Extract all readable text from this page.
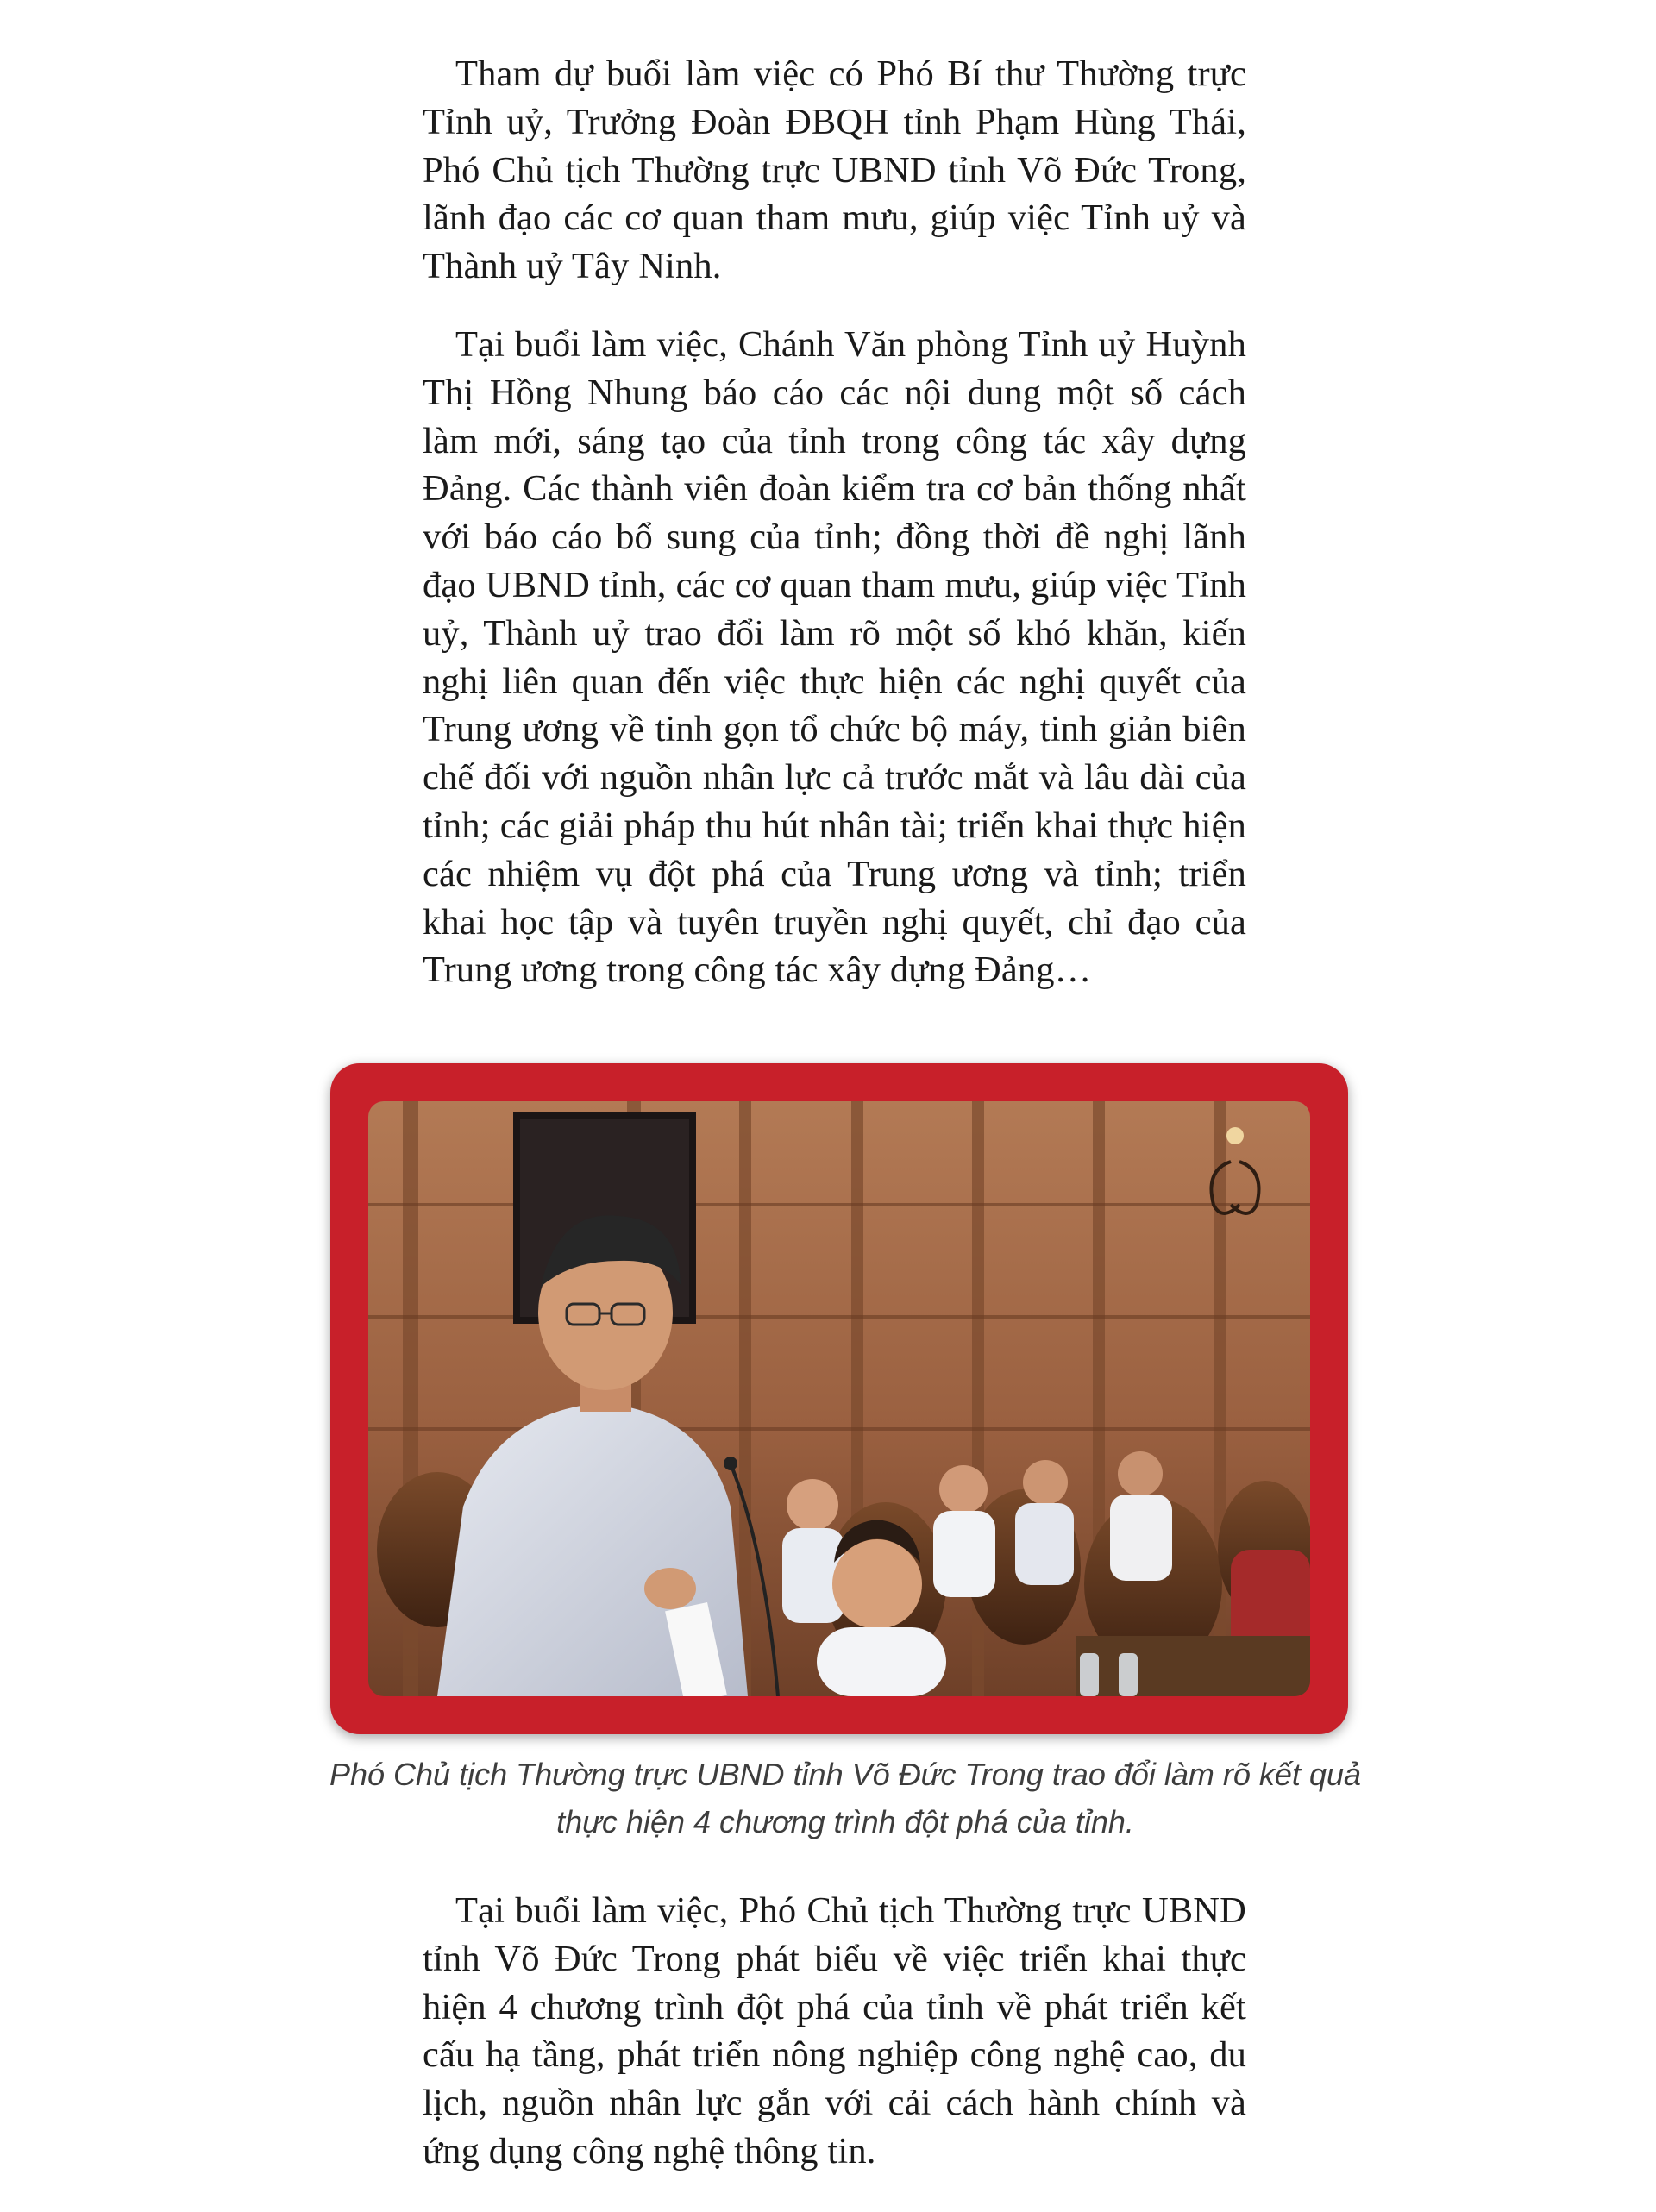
Tham dự buổi làm việc có Phó Bí thư Thường trực Tỉnh uỷ, Trưởng Đoàn ĐBQH tỉnh Phạm Hùng Thái, Phó Chủ tịch Thường trực UBND tỉnh Võ Đức Trong, lãnh đạo các cơ quan tham mưu, giúp việc Tỉnh uỷ và Thành uỷ Tây Ninh.

Tại buổi làm việc, Chánh Văn phòng Tỉnh uỷ Huỳnh Thị Hồng Nhung báo cáo các nội dung một số cách làm mới, sáng tạo của tỉnh trong công tác xây dựng Đảng. Các thành viên đoàn kiểm tra cơ bản thống nhất với báo cáo bổ sung của tỉnh; đồng thời đề nghị lãnh đạo UBND tỉnh, các cơ quan tham mưu, giúp việc Tỉnh uỷ, Thành uỷ trao đổi làm rõ một số khó khăn, kiến nghị liên quan đến việc thực hiện các nghị quyết của Trung ương về tinh gọn tổ chức bộ máy, tinh giản biên chế đối với nguồn nhân lực cả trước mắt và lâu dài của tỉnh; các giải pháp thu hút nhân tài; triển khai thực hiện các nhiệm vụ đột phá của Trung ương và tỉnh; triển khai học tập và tuyên truyền nghị quyết, chỉ đạo của Trung ương trong công tác xây dựng Đảng…

Phó Chủ tịch Thường trực UBND tỉnh Võ Đức Trong trao đổi làm rõ kết quả
thực hiện 4 chương trình đột phá của tỉnh.

Tại buổi làm việc, Phó Chủ tịch Thường trực UBND tỉnh Võ Đức Trong phát biểu về việc triển khai thực hiện 4 chương trình đột phá của tỉnh về phát triển kết cấu hạ tầng, phát triển nông nghiệp công nghệ cao, du lịch, nguồn nhân lực gắn với cải cách hành chính và ứng dụng công nghệ thông tin.
